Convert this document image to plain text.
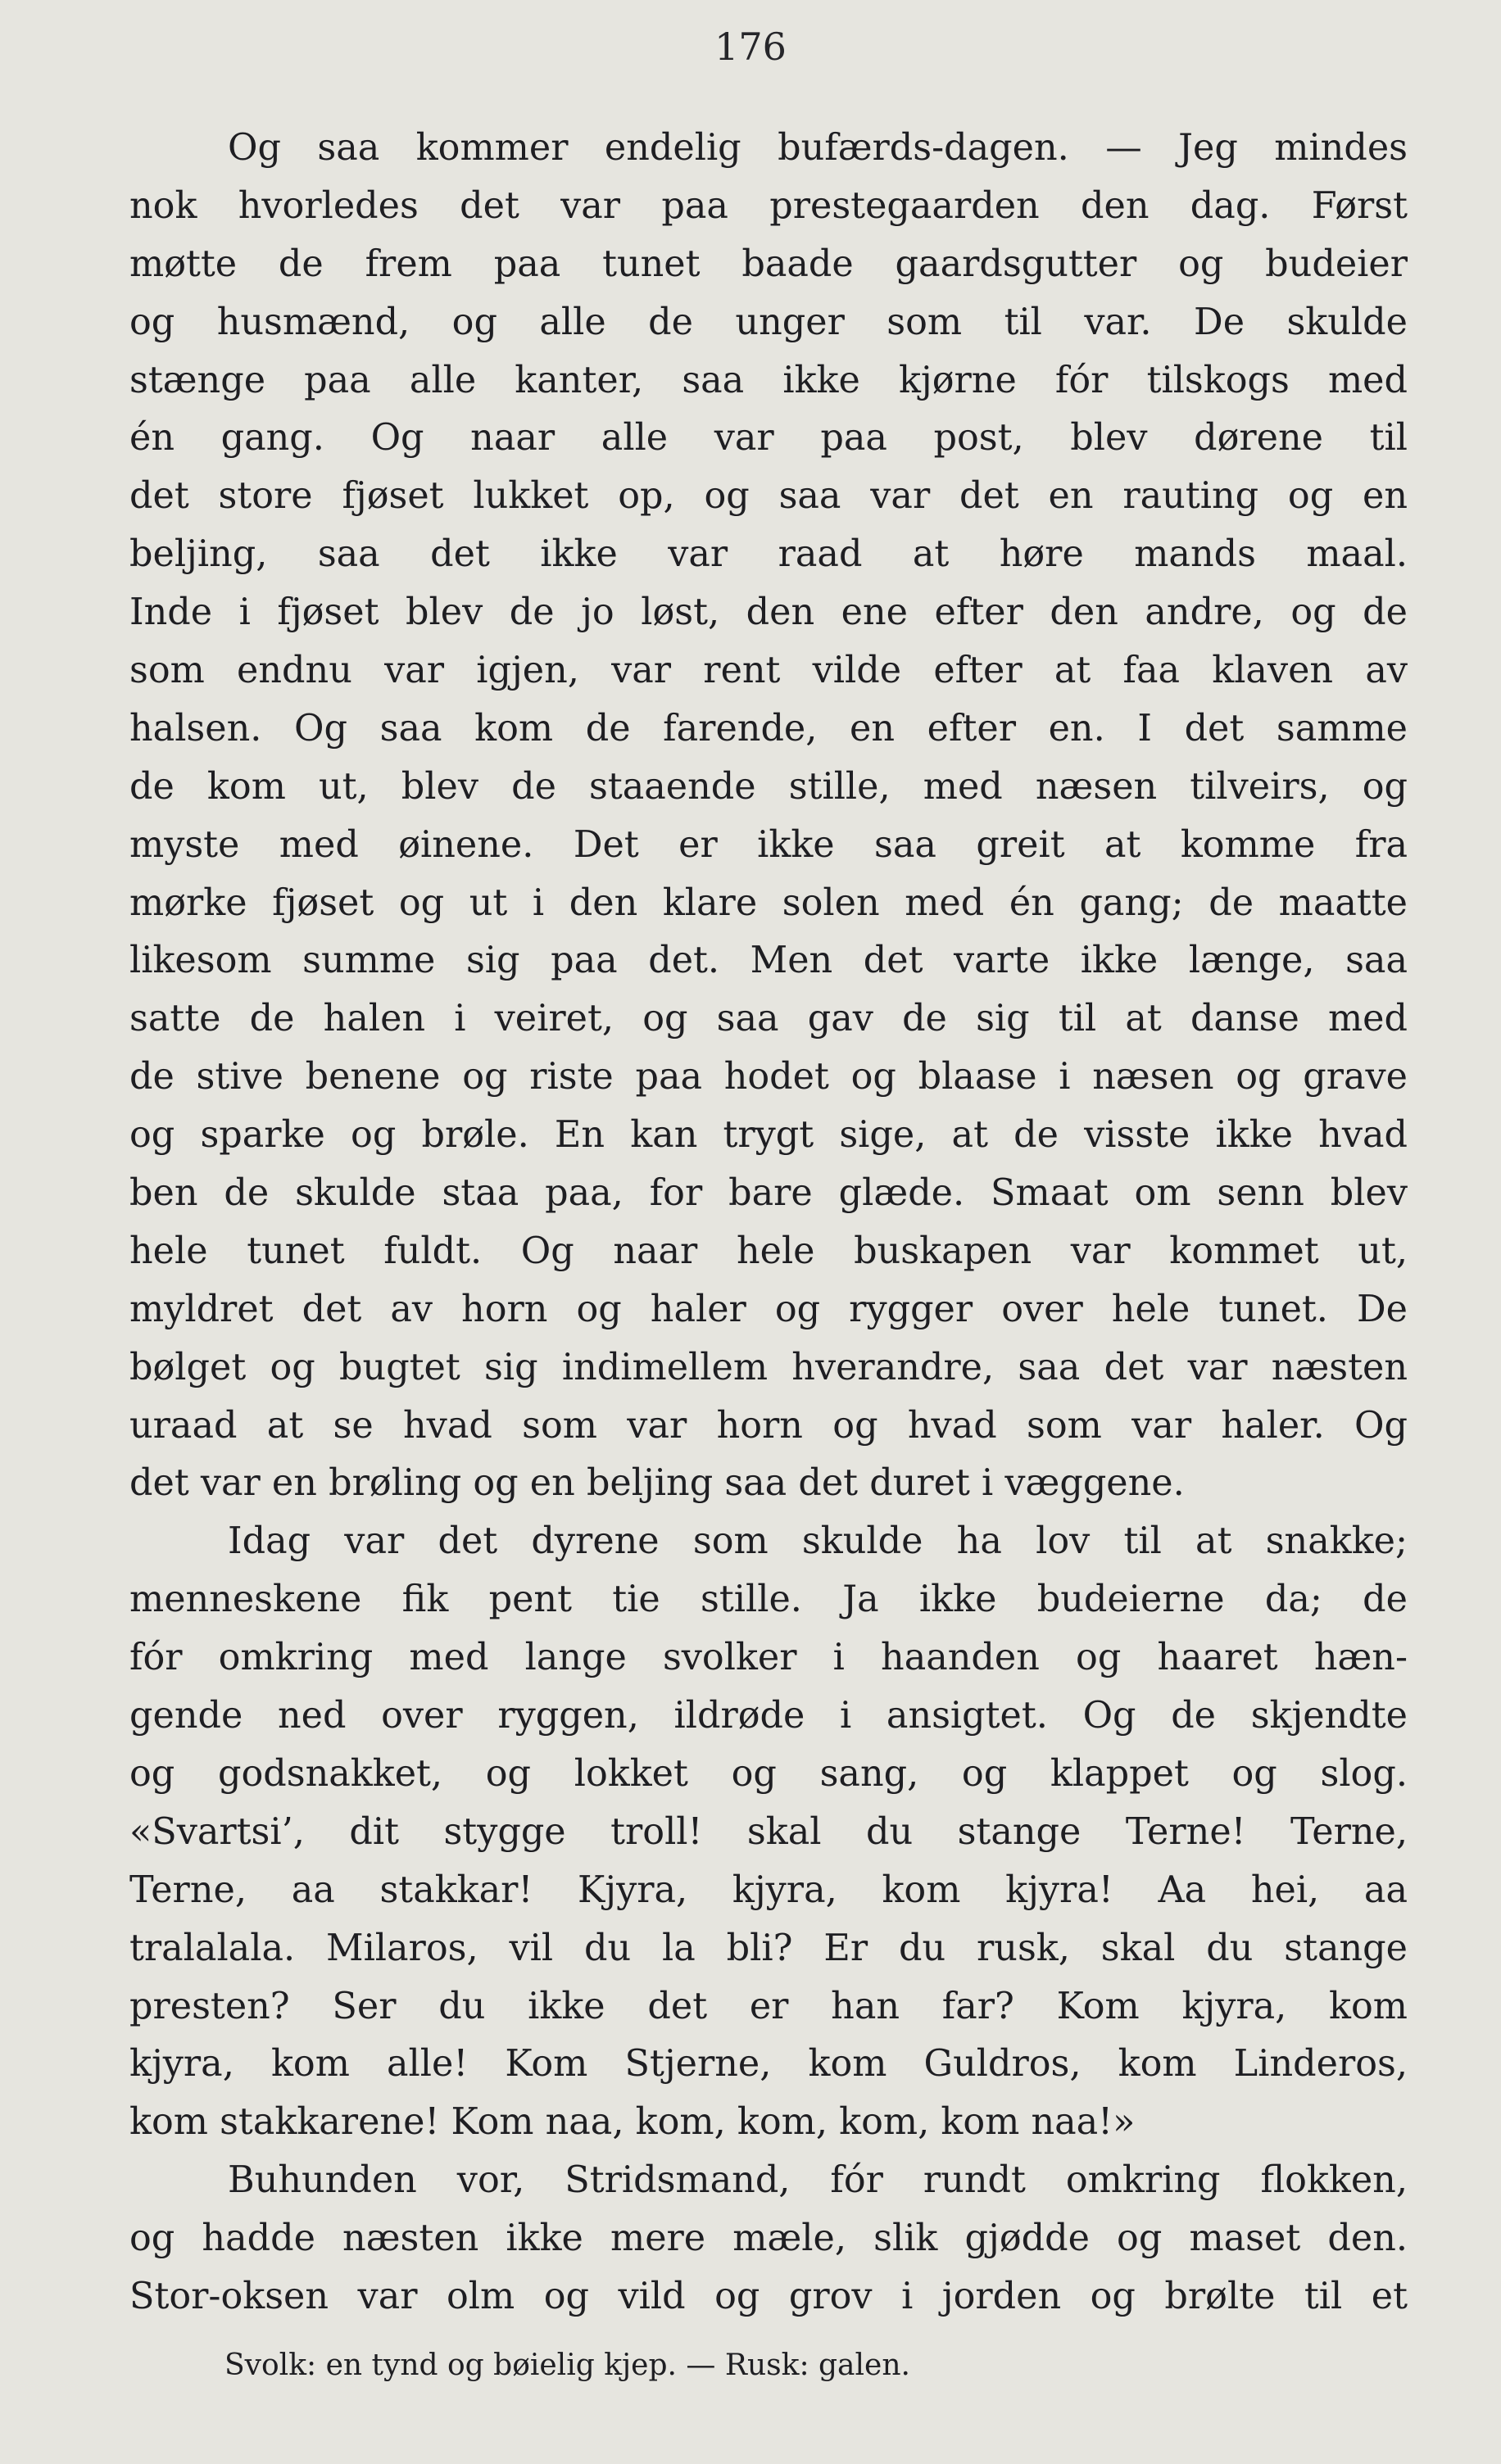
176
Og saa kommer endelig bufærds-dagen. — Jeg mindes
nok hvorledes det var paa prestegaarden den dag. Først
møtte de frem paa tunet baade gaardsgutter og budeier
og husmænd, og alle de unger som til var. De skulde
stænge paa alle kanter, saa ikke kjørne fór tilskogs med
én gang. Og naar alle var paa post, blev dørene til
det store fjøset lukket op, og saa var det en rauting og en
beljing, saa det ikke var raad at høre mands maal.
Inde i fjøset blev de jo løst, den ene efter den andre, og de
som endnu var igjen, var rent vilde efter at faa klaven av
halsen. Og saa kom de farende, en efter en. I det samme
de kom ut, blev de staaende stille, med næsen tilveirs, og
myste med øinene. Det er ikke saa greit at komme fra
mørke fjøset og ut i den klare solen med én gang; de maatte
likesom summe sig paa det. Men det varte ikke længe, saa
satte de halen i veiret, og saa gav de sig til at danse med
de stive benene og riste paa hodet og blaase i næsen og grave
og sparke og brøle. En kan trygt sige, at de visste ikke hvad
ben de skulde staa paa, for bare glæde. Smaat om senn blev
hele tunet fuldt. Og naar hele buskapen var kommet ut,
myldret det av horn og haler og rygger over hele tunet. De
bølget og bugtet sig indimellem hverandre, saa det var næsten
uraad at se hvad som var horn og hvad som var haler. Og
det var en brøling og en beljing saa det duret i væggene.
Idag var det dyrene som skulde ha lov til at snakke;
menneskene fik pent tie stille. Ja ikke budeierne da; de
fór omkring med lange svolker i haanden og haaret hæn-
gende ned over ryggen, ildrøde i ansigtet. Og de skjendte
og godsnakket, og lokket og sang, og klappet og slog.
«Svartsi’, dit stygge troll! skal du stange Terne! Terne,
Terne, aa stakkar! Kjyra, kjyra, kom kjyra! Aa hei, aa
tralalala. Milaros, vil du la bli? Er du rusk, skal du stange
presten? Ser du ikke det er han far? Kom kjyra, kom
kjyra, kom alle! Kom Stjerne, kom Guldros, kom Linderos,
kom stakkarene! Kom naa, kom, kom, kom, kom naa!»
Buhunden vor, Stridsmand, fór rundt omkring flokken,
og hadde næsten ikke mere mæle, slik gjødde og maset den.
Stor-oksen var olm og vild og grov i jorden og brølte til et
Svolk: en tynd og bøielig kjep. — Rusk: galen.
